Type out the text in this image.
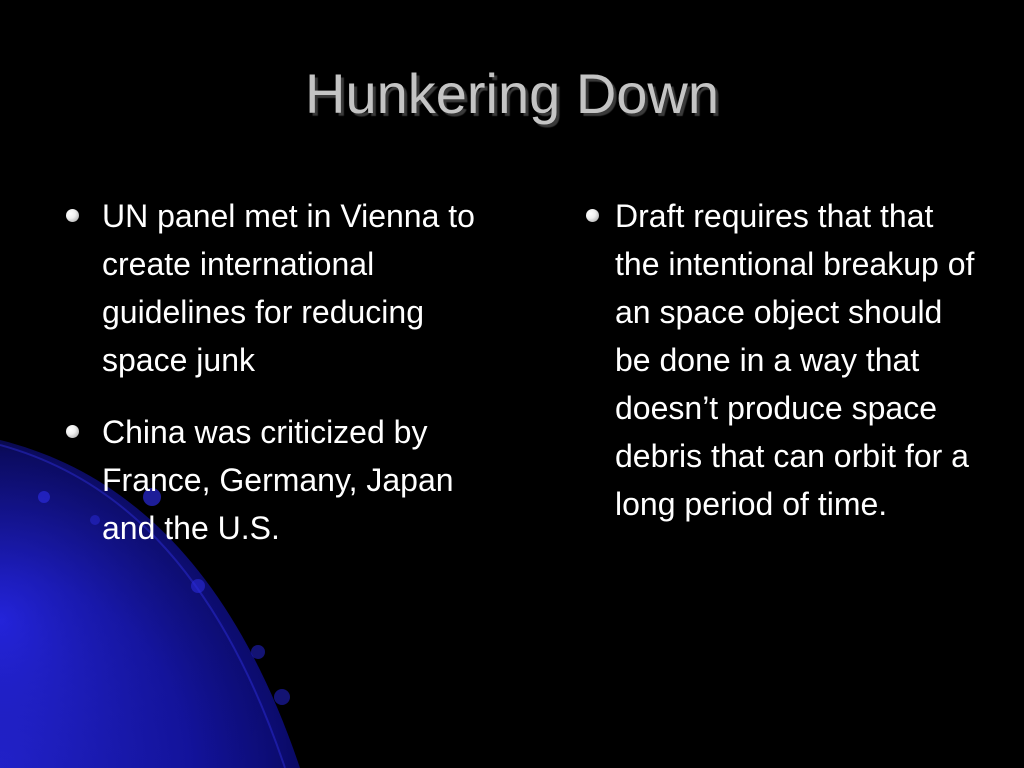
Hunkering Down
UN panel met in Vienna to create international guidelines for reducing space junk
China was criticized by France, Germany, Japan and the U.S.
Draft requires that that the intentional breakup of an space object should be done in a way that doesn’t produce space debris that can orbit for a long period of time.
